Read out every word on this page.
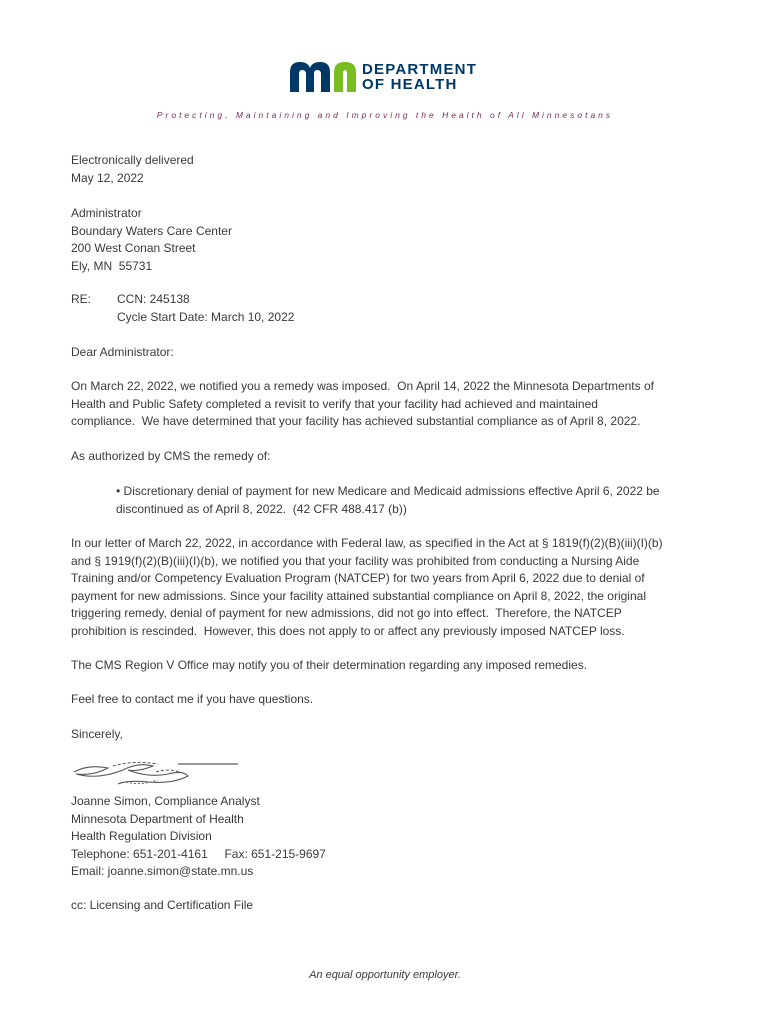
DEPARTMENT
OF HEALTH
Protecting, Maintaining and Improving the Health of All Minnesotans
Electronically delivered
May 12, 2022
Administrator
Boundary Waters Care Center
200 West Conan Street
Ely, MN  55731
RE:	CCN: 245138
Cycle Start Date: March 10, 2022
Dear Administrator:
On March 22, 2022, we notified you a remedy was imposed.  On April 14, 2022 the Minnesota Departments of
Health and Public Safety completed a revisit to verify that your facility had achieved and maintained
compliance.  We have determined that your facility has achieved substantial compliance as of April 8, 2022.
As authorized by CMS the remedy of:
• Discretionary denial of payment for new Medicare and Medicaid admissions effective April 6, 2022 be
discontinued as of April 8, 2022.  (42 CFR 488.417 (b))
In our letter of March 22, 2022, in accordance with Federal law, as specified in the Act at § 1819(f)(2)(B)(iii)(I)(b)
and § 1919(f)(2)(B)(iii)(I)(b), we notified you that your facility was prohibited from conducting a Nursing Aide
Training and/or Competency Evaluation Program (NATCEP) for two years from April 6, 2022 due to denial of
payment for new admissions. Since your facility attained substantial compliance on April 8, 2022, the original
triggering remedy, denial of payment for new admissions, did not go into effect.  Therefore, the NATCEP
prohibition is rescinded.  However, this does not apply to or affect any previously imposed NATCEP loss.
The CMS Region V Office may notify you of their determination regarding any imposed remedies.
Feel free to contact me if you have questions.
Sincerely,
Joanne Simon, Compliance Analyst
Minnesota Department of Health
Health Regulation Division
Telephone: 651-201-4161     Fax: 651-215-9697
Email: joanne.simon@state.mn.us
cc: Licensing and Certification File
An equal opportunity employer.
